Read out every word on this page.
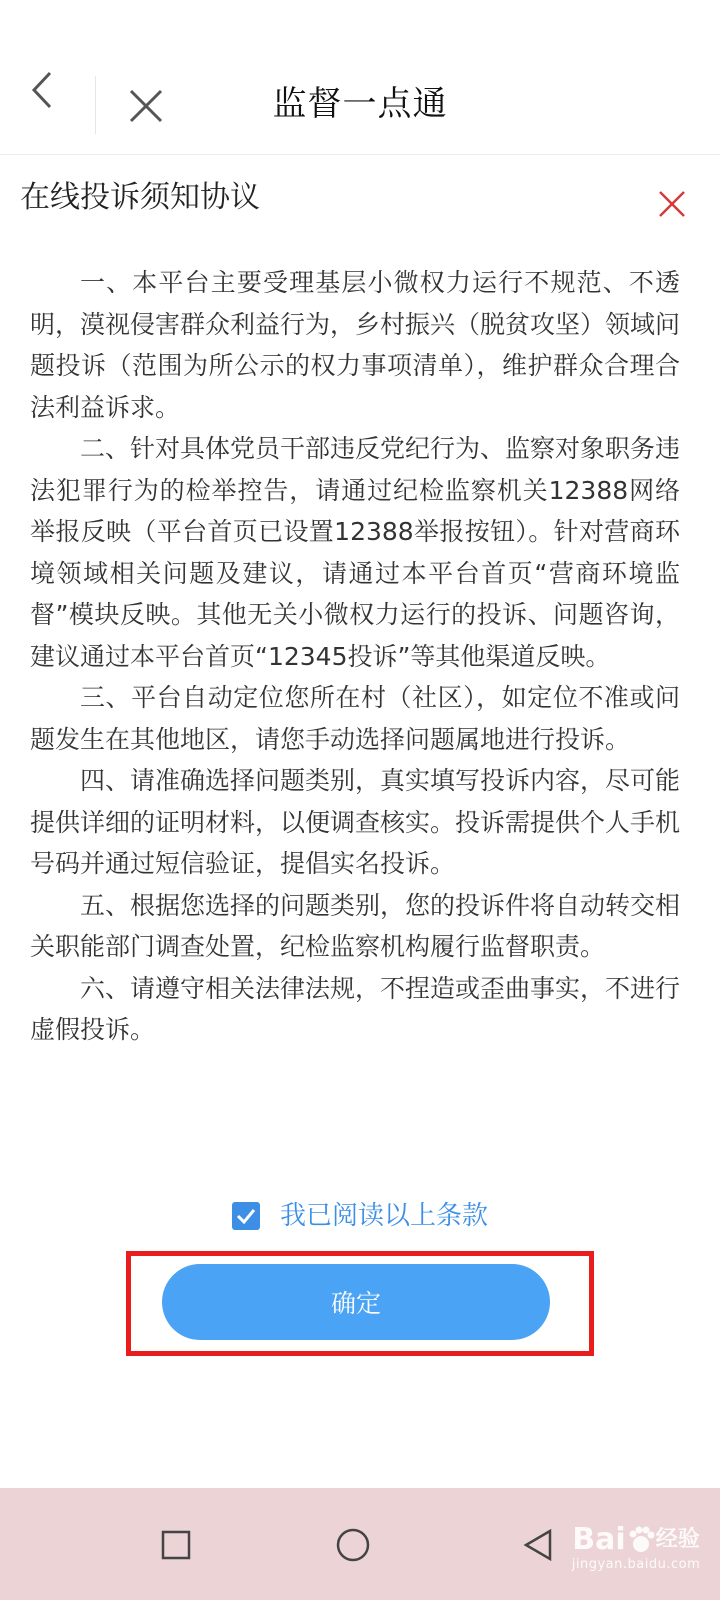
监督一点通
在线投诉须知协议

一、本平台主要受理基层小微权力运行不规范、不透明，漠视侵害群众利益行为，乡村振兴（脱贫攻坚）领域问题投诉（范围为所公示的权力事项清单），维护群众合理合法利益诉求。

二、针对具体党员干部违反党纪行为、监察对象职务违法犯罪行为的检举控告，请通过纪检监察机关12388网络举报反映（平台首页已设置12388举报按钮）。针对营商环境领域相关问题及建议，请通过本平台首页“营商环境监督”模块反映。其他无关小微权力运行的投诉、问题咨询，建议通过本平台首页“12345投诉”等其他渠道反映。

三、平台自动定位您所在村（社区），如定位不准或问题发生在其他地区，请您手动选择问题属地进行投诉。

四、请准确选择问题类别，真实填写投诉内容，尽可能提供详细的证明材料，以便调查核实。投诉需提供个人手机号码并通过短信验证，提倡实名投诉。

五、根据您选择的问题类别，您的投诉件将自动转交相关职能部门调查处置，纪检监察机构履行监督职责。

六、请遵守相关法律法规，不捏造或歪曲事实，不进行虚假投诉。

我已阅读以上条款
确定
Bai 经验
jingyan.baidu.com
